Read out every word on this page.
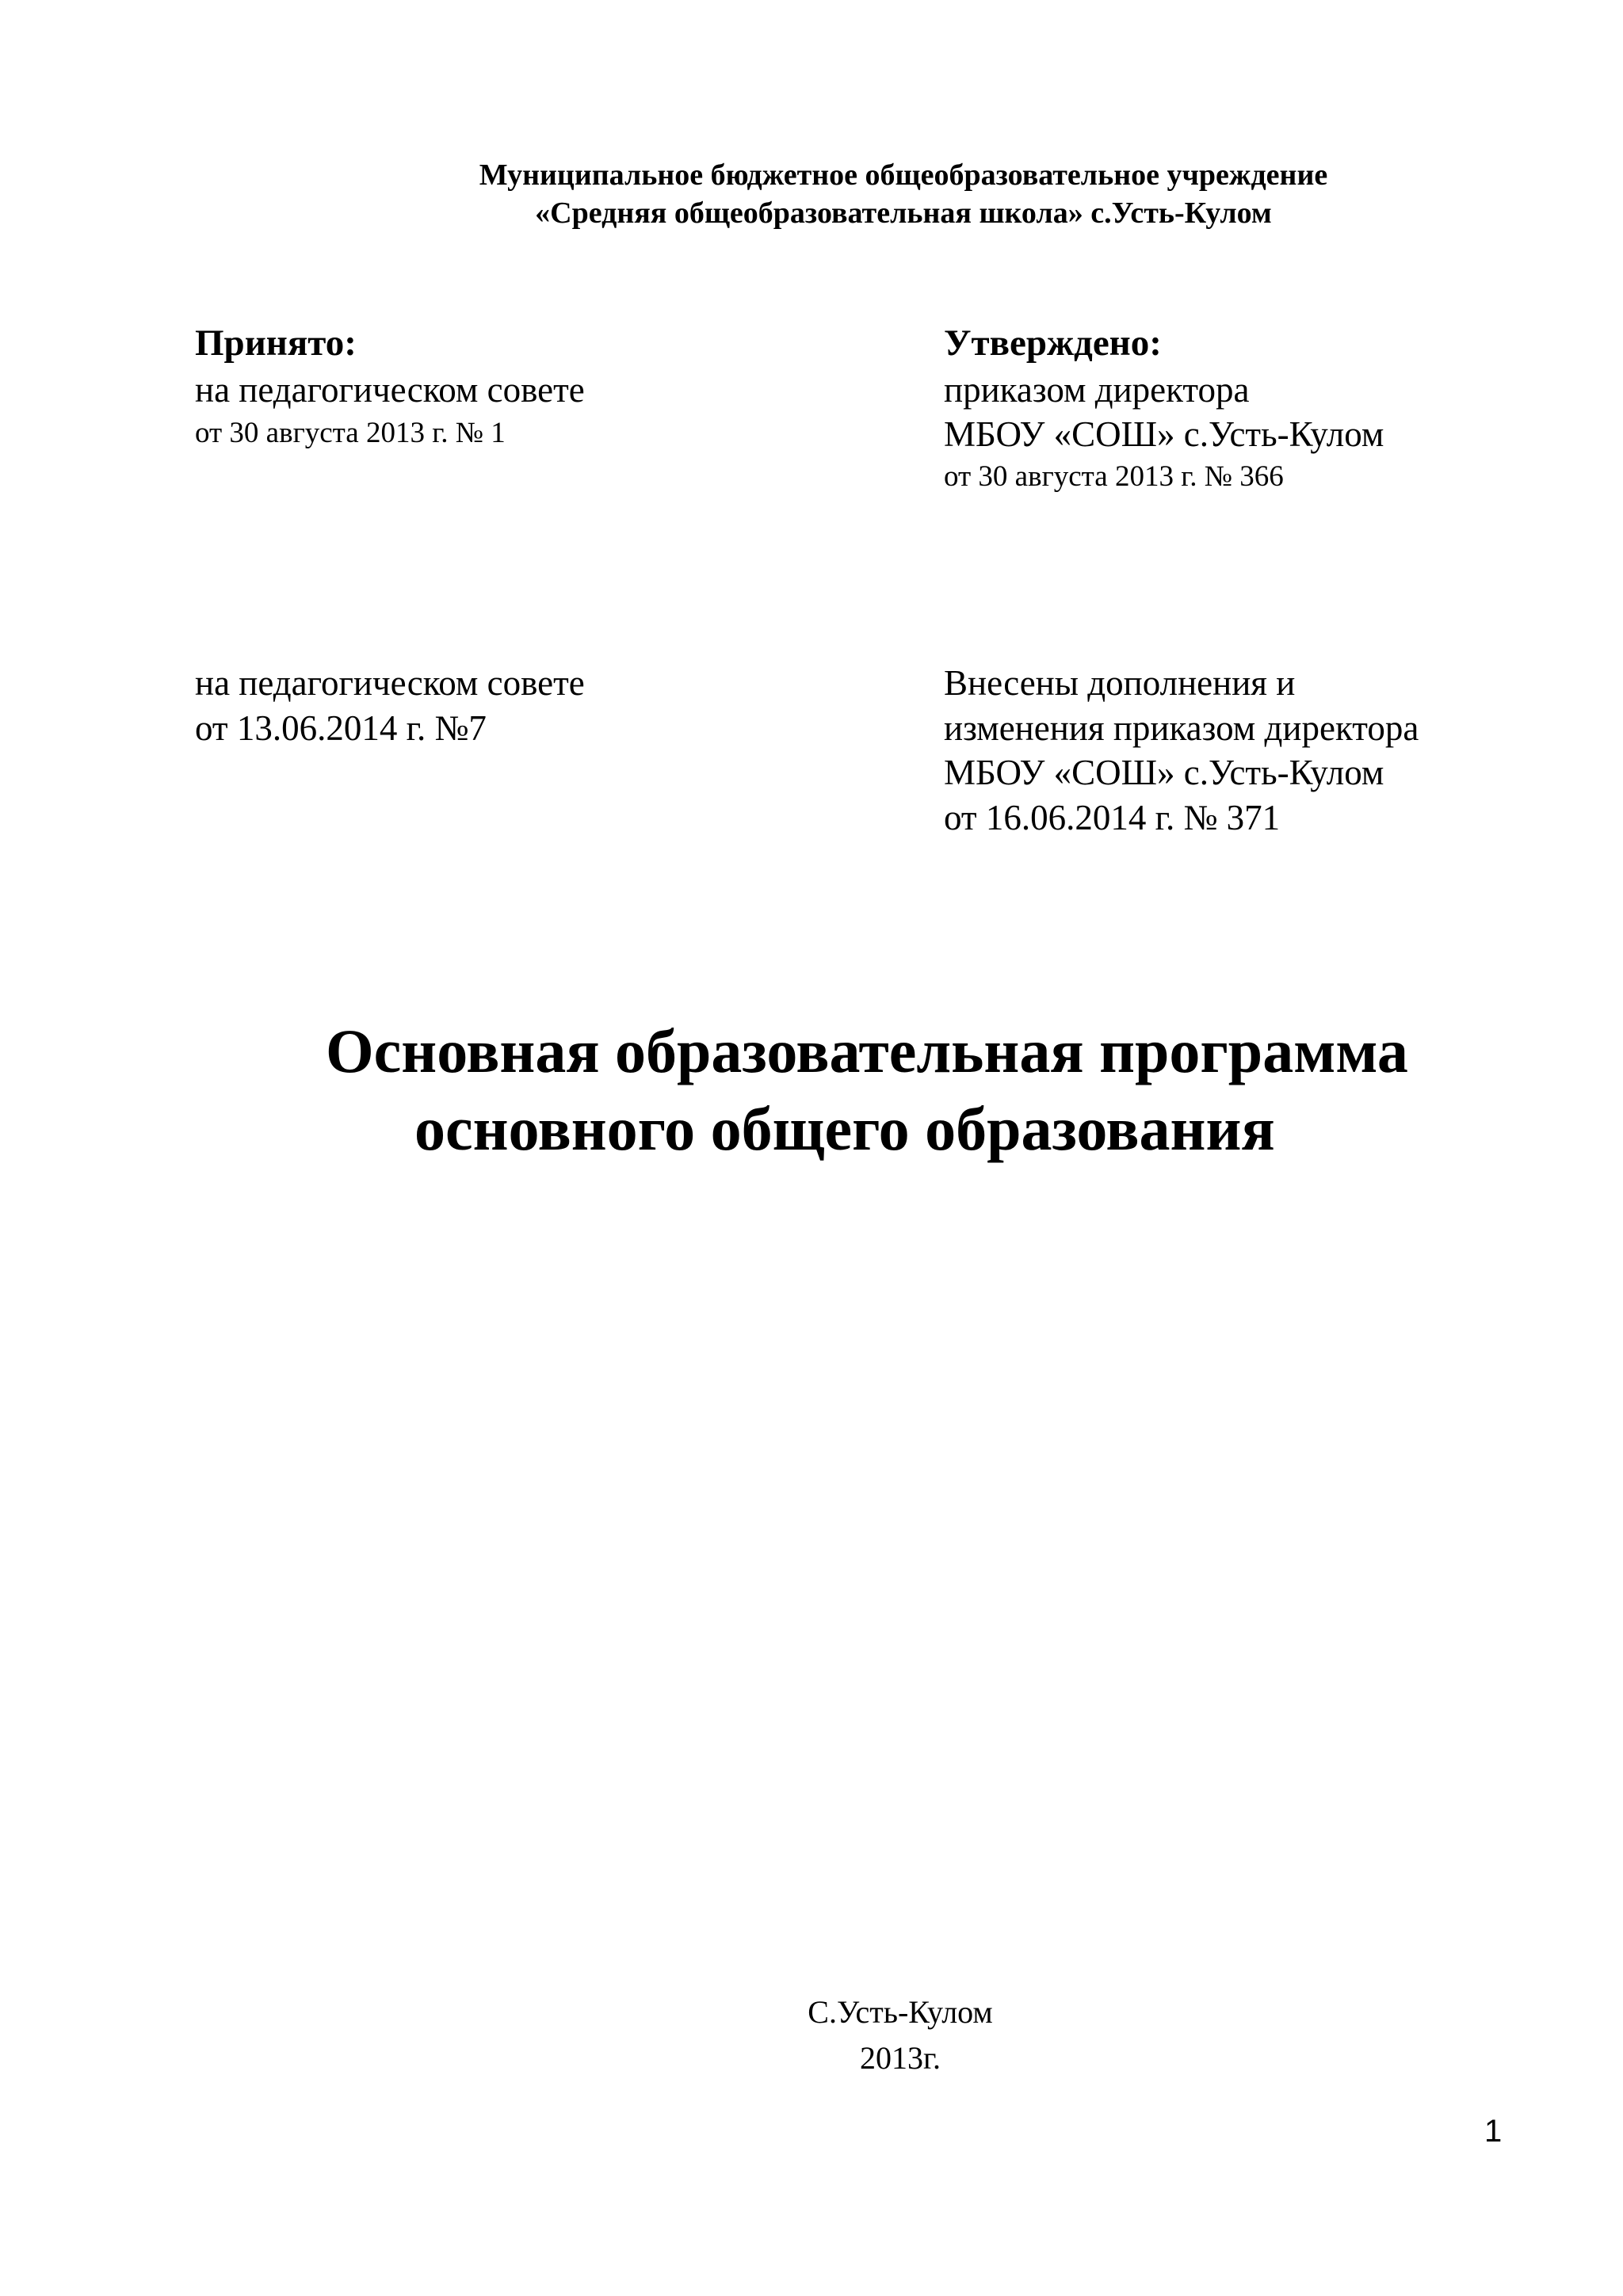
Муниципальное бюджетное общеобразовательное учреждение
«Средняя общеобразовательная школа» с.Усть-Кулом
Принято:
на педагогическом совете
от 30 августа 2013 г. № 1
Утверждено:
приказом директора
МБОУ «СОШ» с.Усть-Кулом
от 30 августа 2013 г. № 366
на педагогическом совете
от 13.06.2014 г. №7
Внесены дополнения и
изменения приказом директора
МБОУ «СОШ» с.Усть-Кулом
от 16.06.2014 г. № 371
Основная образовательная программа
основного общего образования
С.Усть-Кулом
2013г.
1
